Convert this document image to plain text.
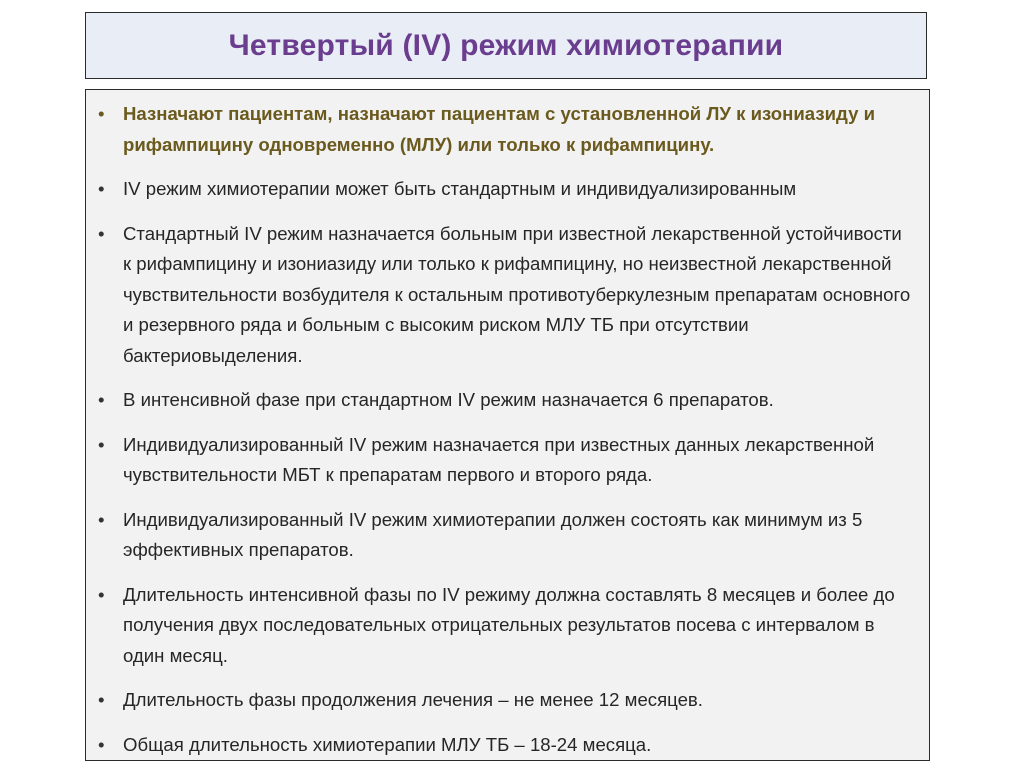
Четвертый (IV) режим химиотерапии
•
Назначают пациентам, назначают пациентам с установленной ЛУ к изониазиду и рифампицину одновременно (МЛУ) или только к рифампицину.
•
IV режим химиотерапии может быть стандартным и индивидуализированным
•
Стандартный IV режим назначается больным при известной лекарственной устойчивости к рифампицину и изониазиду или только к рифампицину, но неизвестной лекарственной чувствительности возбудителя к остальным противотуберкулезным препаратам основного и резервного ряда и больным с высоким риском МЛУ ТБ при отсутствии бактериовыделения.
•
В интенсивной фазе при стандартном IV режим назначается 6 препаратов.
•
Индивидуализированный IV режим назначается при известных данных лекарственной чувствительности МБТ к препаратам первого и второго ряда.
•
Индивидуализированный IV режим химиотерапии должен состоять как минимум из 5 эффективных препаратов.
•
Длительность интенсивной фазы по IV режиму должна составлять 8 месяцев и более до получения двух последовательных отрицательных результатов посева с интервалом в один месяц.
•
Длительность фазы продолжения лечения – не менее 12 месяцев.
•
Общая длительность химиотерапии МЛУ ТБ – 18-24 месяца.
